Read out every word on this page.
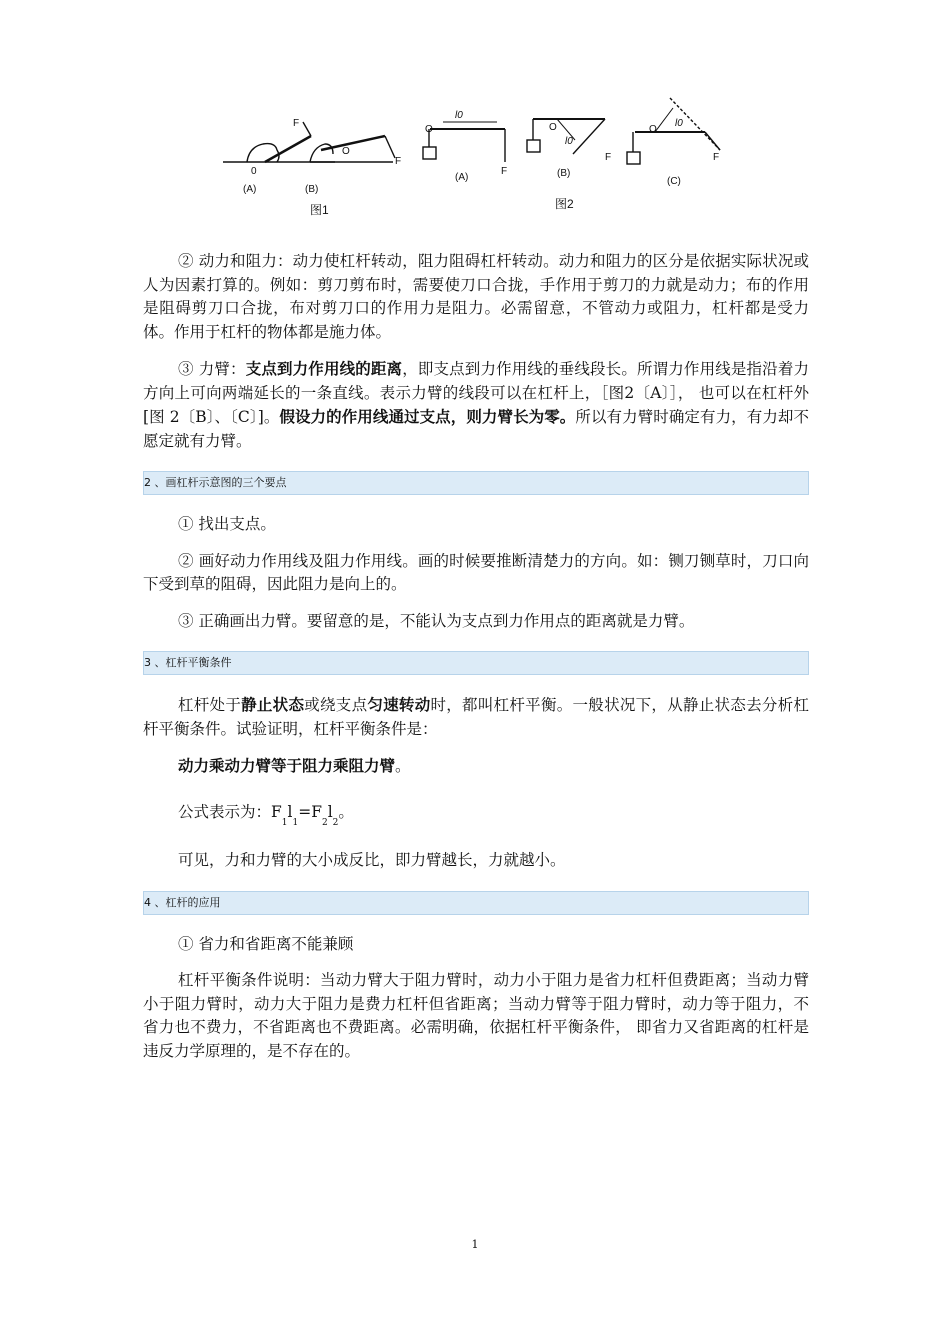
F
0
O
F
(A)	(B)
图1
l0
O
F
(A)
l0
O
F
(B)
图2
l0
O
F
(C)

② 动力和阻力：动力使杠杆转动，阻力阻碍杠杆转动。动力和阻力的区分是依据实际状况或人为因素打算的。例如：剪刀剪布时，需要使刀口合拢，手作用于剪刀的力就是动力；布的作用是阻碍剪刀口合拢，布对剪刀口的作用力是阻力。必需留意，不管动力或阻力，杠杆都是受力体。作用于杠杆的物体都是施力体。

③ 力臂：支点到力作用线的距离，即支点到力作用线的垂线段长。所谓力作用线是指沿着力方向上可向两端延长的一条直线。表示力臂的线段可以在杠杆上，［图2〔A〕］， 也可以在杠杆外[图 2〔B〕、〔C〕]。假设力的作用线通过支点，则力臂长为零。所以有力臂时确定有力，有力却不愿定就有力臂。

2 、画杠杆示意图的三个要点

① 找出支点。

② 画好动力作用线及阻力作用线。画的时候要推断清楚力的方向。如：铡刀铡草时，刀口向下受到草的阻碍，因此阻力是向上的。

③ 正确画出力臂。要留意的是，不能认为支点到力作用点的距离就是力臂。

3 、杠杆平衡条件

杠杆处于静止状态或绕支点匀速转动时，都叫杠杆平衡。一般状况下，从静止状态去分析杠杆平衡条件。试验证明，杠杆平衡条件是：

动力乘动力臂等于阻力乘阻力臂。

公式表示为：$F_1l_1=F_2l_2$。

可见，力和力臂的大小成反比，即力臂越长，力就越小。

4 、杠杆的应用

① 省力和省距离不能兼顾

杠杆平衡条件说明：当动力臂大于阻力臂时，动力小于阻力是省力杠杆但费距离；当动力臂小于阻力臂时，动力大于阻力是费力杠杆但省距离；当动力臂等于阻力臂时，动力等于阻力，不省力也不费力，不省距离也不费距离。必需明确，依据杠杆平衡条件， 即省力又省距离的杠杆是违反力学原理的，是不存在的。

1
